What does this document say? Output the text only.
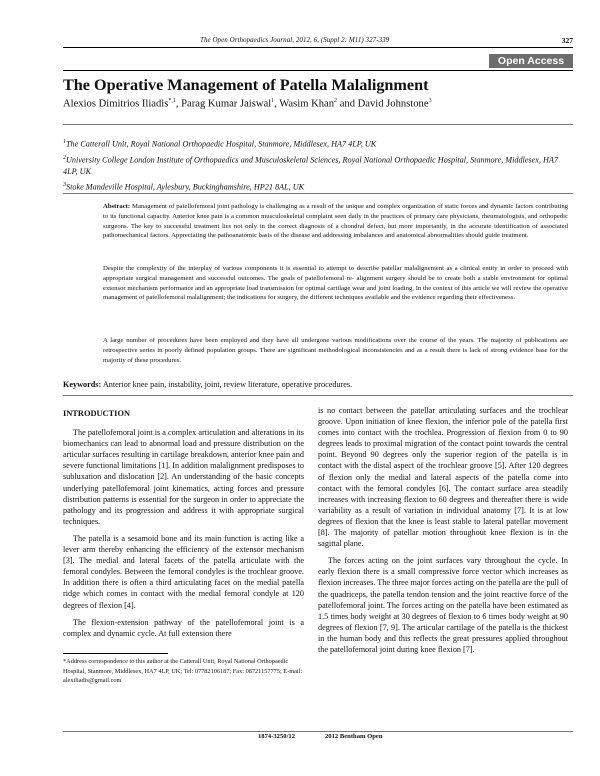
The Open Orthopaedics Journal, 2012, 6, (Suppl 2: M11) 327-339	327
Open Access
The Operative Management of Patella Malalignment
Alexios Dimitrios Iliadis$^{*,1}$, Parag Kumar Jaiswal$^1$, Wasim Khan$^2$ and David Johnstone$^3$
$^1$The Catterall Unit, Royal National Orthopaedic Hospital, Stanmore, Middlesex, HA7 4LP, UK
$^2$University College London Institute of Orthopaedics and Musculoskeletal Sciences, Royal National Orthopaedic Hospital, Stanmore, Middlesex, HA7 4LP, UK
$^3$Stoke Mandeville Hospital, Aylesbury, Buckinghamshire, HP21 8AL, UK
Abstract: Management of patellofemoral joint pathology is challenging as a result of the unique and complex organization of static forces and dynamic factors contributing to its functional capacity. Anterior knee pain is a common musculoskeletal complaint seen daily in the practices of primary care physicians, rheumatologists, and orthopedic surgeons. The key to successful treatment lies not only in the correct diagnosis of a chondral defect, but more importantly, in the accurate identification of associated pathomechanical factors. Appreciating the pathoanatomic basis of the disease and addressing imbalances and anatomical abnormalities should guide treatment.
Despite the complexity of the interplay of various components it is essential to attempt to describe patellar malalignement as a clinical entity in order to proceed with appropriate surgical management and successful outcomes. The goals of patellofemoral re- alignment surgery should be to create both a stable environment for optimal extensor mechanism performance and an appropriate load transmission for optimal cartilage wear and joint loading. In the context of this article we will review the operative management of patellofemoral malalignment; the indications for surgery, the different techniques available and the evidence regarding their effectiveness.
A large number of procedures have been employed and they have all undergone various modifications over the course of the years. The majority of publications are retrospective series in poorly defined population groups. There are significant methodological inconsistencies and as a result there is lack of strong evidence base for the majority of these procedures.
Keywords: Anterior knee pain, instability, joint, review literature, operative procedures.
INTRODUCTION

The patellofemoral joint is a complex articulation and alterations in its biomechanics can lead to abnormal load and pressure distribution on the articular surfaces resulting in cartilage breakdown, anterior knee pain and severe functional limitations [1]. In addition malalignment predisposes to subluxation and dislocation [2]. An understanding of the basic concepts underlying patellofemoral joint kinematics, acting forces and pressure distribution patterns is essential for the surgeon in order to appreciate the pathology and its progression and address it with appropriate surgical techniques.

The patella is a sesamoid bone and its main function is acting like a lever arm thereby enhancing the efficiency of the extensor mechanism [3]. The medial and lateral facets of the patella articulate with the femoral condyles. Between the femoral condyles is the trochlear groove. In addition there is often a third articulating facet on the medial patella ridge which comes in contact with the medial femoral condyle at 120 degrees of flexion [4].

The flexion-extension pathway of the patellofemoral joint is a complex and dynamic cycle. At full extension there

is no contact between the patellar articulating surfaces and the trochlear groove. Upon initiation of knee flexion, the inferior pole of the patella first comes into contact with the trochlea. Progression of flexion from 0 to 90 degrees leads to proximal migration of the contact point towards the central point. Beyond 90 degrees only the superior region of the patella is in contact with the distal aspect of the trochlear groove [5]. After 120 degrees of flexion only the medial and lateral aspects of the patella come into contact with the femoral condyles [6]. The contact surface area steadily increases with increasing flexion to 60 degrees and thereafter there is wide variability as a result of variation in individual anatomy [7]. It is at low degrees of flexion that the knee is least stable to lateral patellar movement [8]. The majority of patellar motion throughout knee flexion is in the sagittal plane.

The forces acting on the joint surfaces vary throughout the cycle. In early flexion there is a small compressive force vector which increases as flexion increases. The three major forces acting on the patella are the pull of the quadriceps, the patella tendon tension and the joint reactive force of the patellofemoral joint. The forces acting on the patella have been estimated as 1.5 times body weight at 30 degrees of flexion to 6 times body weight at 90 degrees of flexion [7, 9]. The articular cartilage of the patella is the thickest in the human body and this reflects the great pressures applied throughout the patellofemoral joint during knee flexion [7].

*Address correspondence to this author at the Catterall Unit, Royal National Orthopaedic Hospital, Stanmore, Middlesex, HA7 4LP, UK; Tel: 07782106187; Fax: 08721157775; E-mail: alexiliadis@gmail.com
1874-3250/12	2012 Bentham Open
